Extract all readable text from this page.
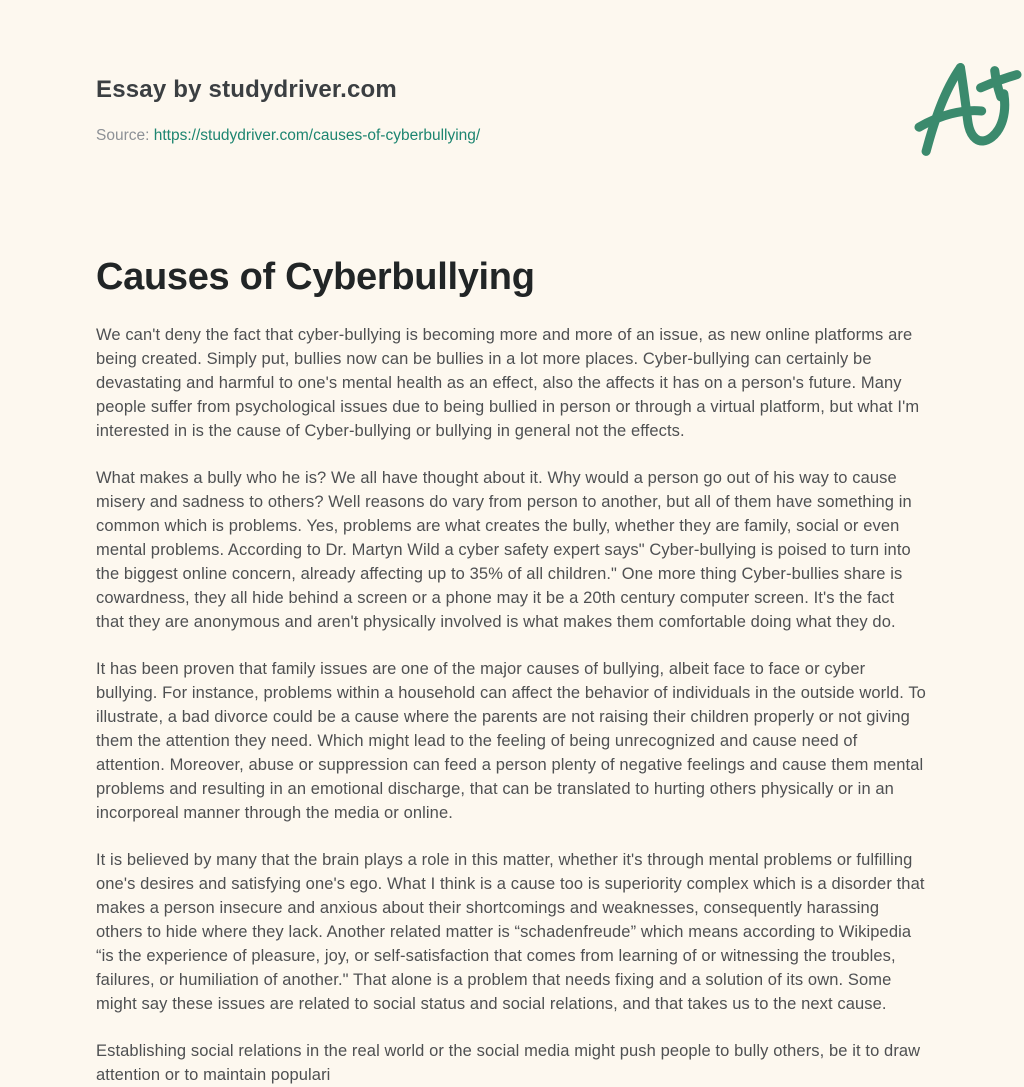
Essay by studydriver.com
Source: https://studydriver.com/causes-of-cyberbullying/
Causes of Cyberbullying

We can't deny the fact that cyber-bullying is becoming more and more of an issue, as new online platforms are being created. Simply put, bullies now can be bullies in a lot more places. Cyber-bullying can certainly be devastating and harmful to one's mental health as an effect, also the affects it has on a person's future. Many people suffer from psychological issues due to being bullied in person or through a virtual platform, but what I'm interested in is the cause of Cyber-bullying or bullying in general not the effects.

What makes a bully who he is? We all have thought about it. Why would a person go out of his way to cause misery and sadness to others? Well reasons do vary from person to another, but all of them have something in common which is problems. Yes, problems are what creates the bully, whether they are family, social or even mental problems. According to Dr. Martyn Wild a cyber safety expert says" Cyber-bullying is poised to turn into the biggest online concern, already affecting up to 35% of all children." One more thing Cyber-bullies share is cowardness, they all hide behind a screen or a phone may it be a 20th century computer screen. It's the fact that they are anonymous and aren't physically involved is what makes them comfortable doing what they do.

It has been proven that family issues are one of the major causes of bullying, albeit face to face or cyber bullying. For instance, problems within a household can affect the behavior of individuals in the outside world. To illustrate, a bad divorce could be a cause where the parents are not raising their children properly or not giving them the attention they need. Which might lead to the feeling of being unrecognized and cause need of attention. Moreover, abuse or suppression can feed a person plenty of negative feelings and cause them mental problems and resulting in an emotional discharge, that can be translated to hurting others physically or in an incorporeal manner through the media or online.

It is believed by many that the brain plays a role in this matter, whether it's through mental problems or fulfilling one's desires and satisfying one's ego. What I think is a cause too is superiority complex which is a disorder that makes a person insecure and anxious about their shortcomings and weaknesses, consequently harassing others to hide where they lack. Another related matter is “schadenfreude” which means according to Wikipedia “is the experience of pleasure, joy, or self-satisfaction that comes from learning of or witnessing the troubles, failures, or humiliation of another." That alone is a problem that needs fixing and a solution of its own. Some might say these issues are related to social status and social relations, and that takes us to the next cause.

Establishing social relations in the real world or the social media might push people to bully others, be it to draw attention or to maintain populari
